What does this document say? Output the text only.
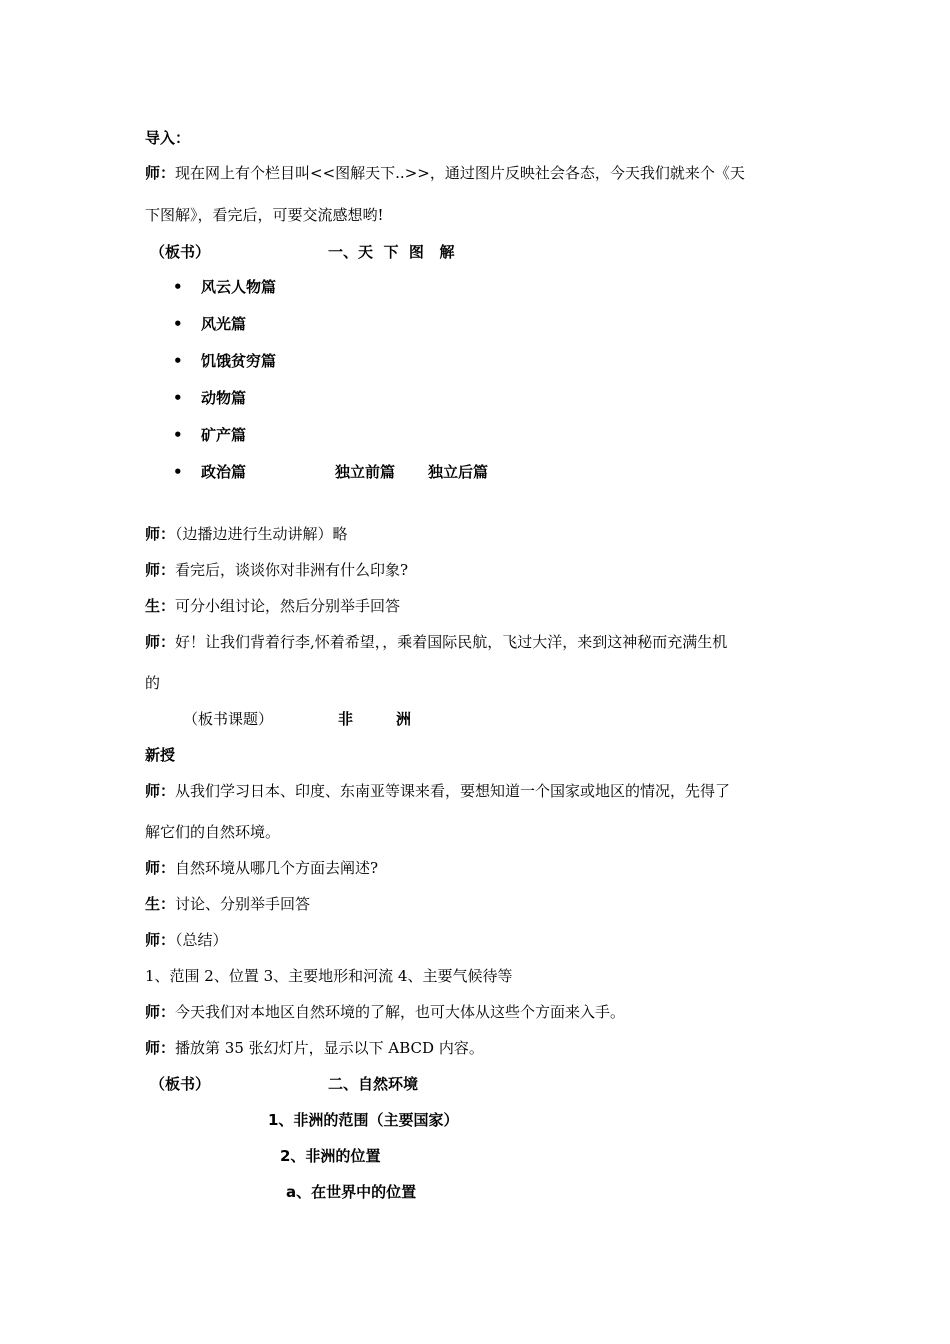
导入：
师：现在网上有个栏目叫<<图解天下..>>，通过图片反映社会各态，今天我们就来个《天
下图解》，看完后，可要交流感想哟!
（板书）	一、天  下  图   解
• 风云人物篇
• 风光篇
• 饥饿贫穷篇
• 动物篇
• 矿产篇
• 政治篇	独立前篇 独立后篇
师：（边播边进行生动讲解）略
师：看完后，谈谈你对非洲有什么印象?
生：可分小组讨论，然后分别举手回答
师：好！让我们背着行李,怀着希望，，乘着国际民航，飞过大洋，来到这神秘而充满生机
的
（板书课题）	非	洲
新授
师：从我们学习日本、印度、东南亚等课来看，要想知道一个国家或地区的情况，先得了
解它们的自然环境。
师：自然环境从哪几个方面去阐述?
生：讨论、分别举手回答
师：（总结）
1、范围 2、位置 3、主要地形和河流 4、主要气候待等
师：今天我们对本地区自然环境的了解，也可大体从这些个方面来入手。
师：播放第 35 张幻灯片，显示以下 ABCD 内容。
（板书）	二、自然环境
1、非洲的范围（主要国家）
2、非洲的位置
a、在世界中的位置
